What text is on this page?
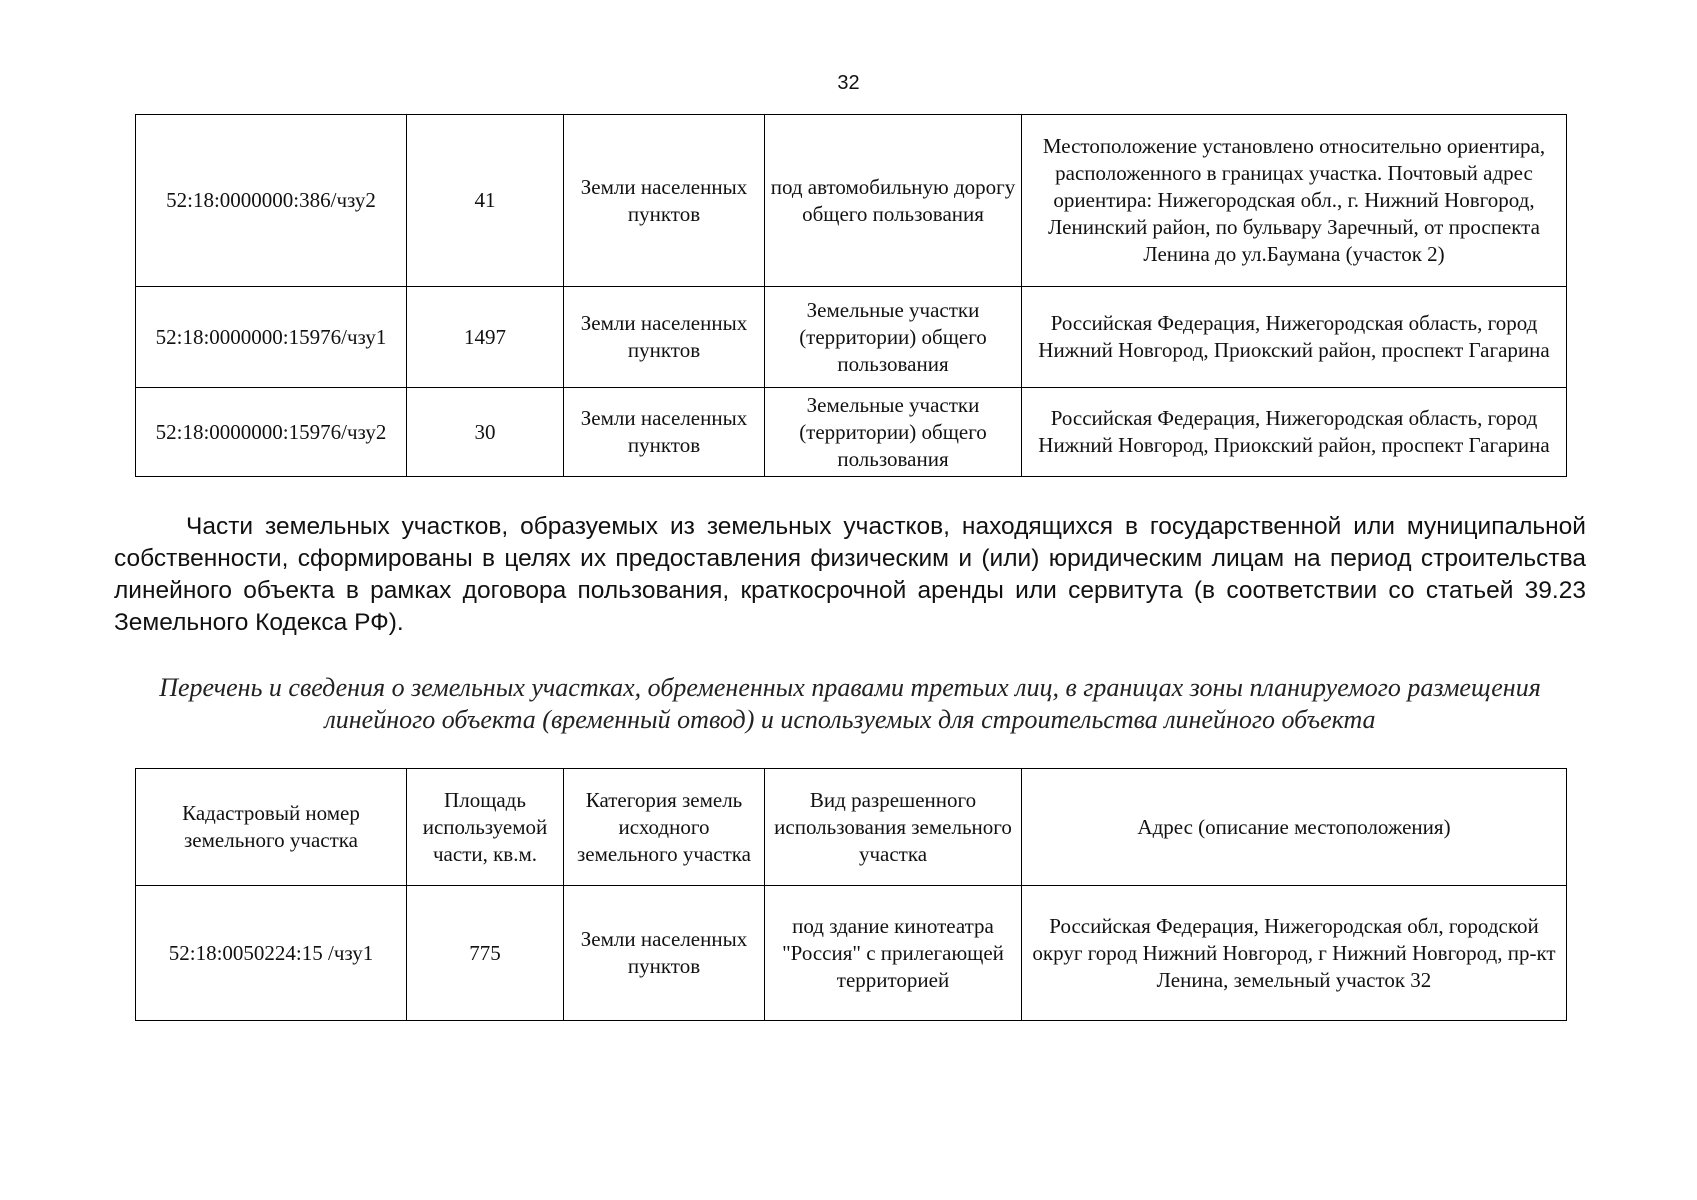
32
52:18:0000000:386/чзу2	41	Земли населенных пунктов	под автомобильную дорогу общего пользования	Местоположение установлено относительно ориентира, расположенного в границах участка. Почтовый адрес ориентира: Нижегородская обл., г. Нижний Новгород, Ленинский район, по бульвару Заречный, от проспекта Ленина до ул.Баумана (участок 2)
52:18:0000000:15976/чзу1	1497	Земли населенных пунктов	Земельные участки (территории) общего пользования	Российская Федерация, Нижегородская область, город Нижний Новгород, Приокский район, проспект Гагарина
52:18:0000000:15976/чзу2	30	Земли населенных пунктов	Земельные участки (территории) общего пользования	Российская Федерация, Нижегородская область, город Нижний Новгород, Приокский район, проспект Гагарина

Части земельных участков, образуемых из земельных участков, находящихся в государственной или муниципальной собственности, сформированы в целях их предоставления физическим и (или) юридическим лицам на период строительства линейного объекта в рамках договора пользования, краткосрочной аренды или сервитута (в соответствии со статьей 39.23 Земельного Кодекса РФ).

Перечень и сведения о земельных участках, обремененных правами третьих лиц, в границах зоны планируемого размещения линейного объекта (временный отвод) и используемых для строительства линейного объекта

Кадастровый номер земельного участка	Площадь используемой части, кв.м.	Категория земель исходного земельного участка	Вид разрешенного использования земельного участка	Адрес (описание местоположения)
52:18:0050224:15 /чзу1	775	Земли населенных пунктов	под здание кинотеатра "Россия" с прилегающей территорией	Российская Федерация, Нижегородская обл, городской округ город Нижний Новгород, г Нижний Новгород, пр-кт Ленина, земельный участок 32
